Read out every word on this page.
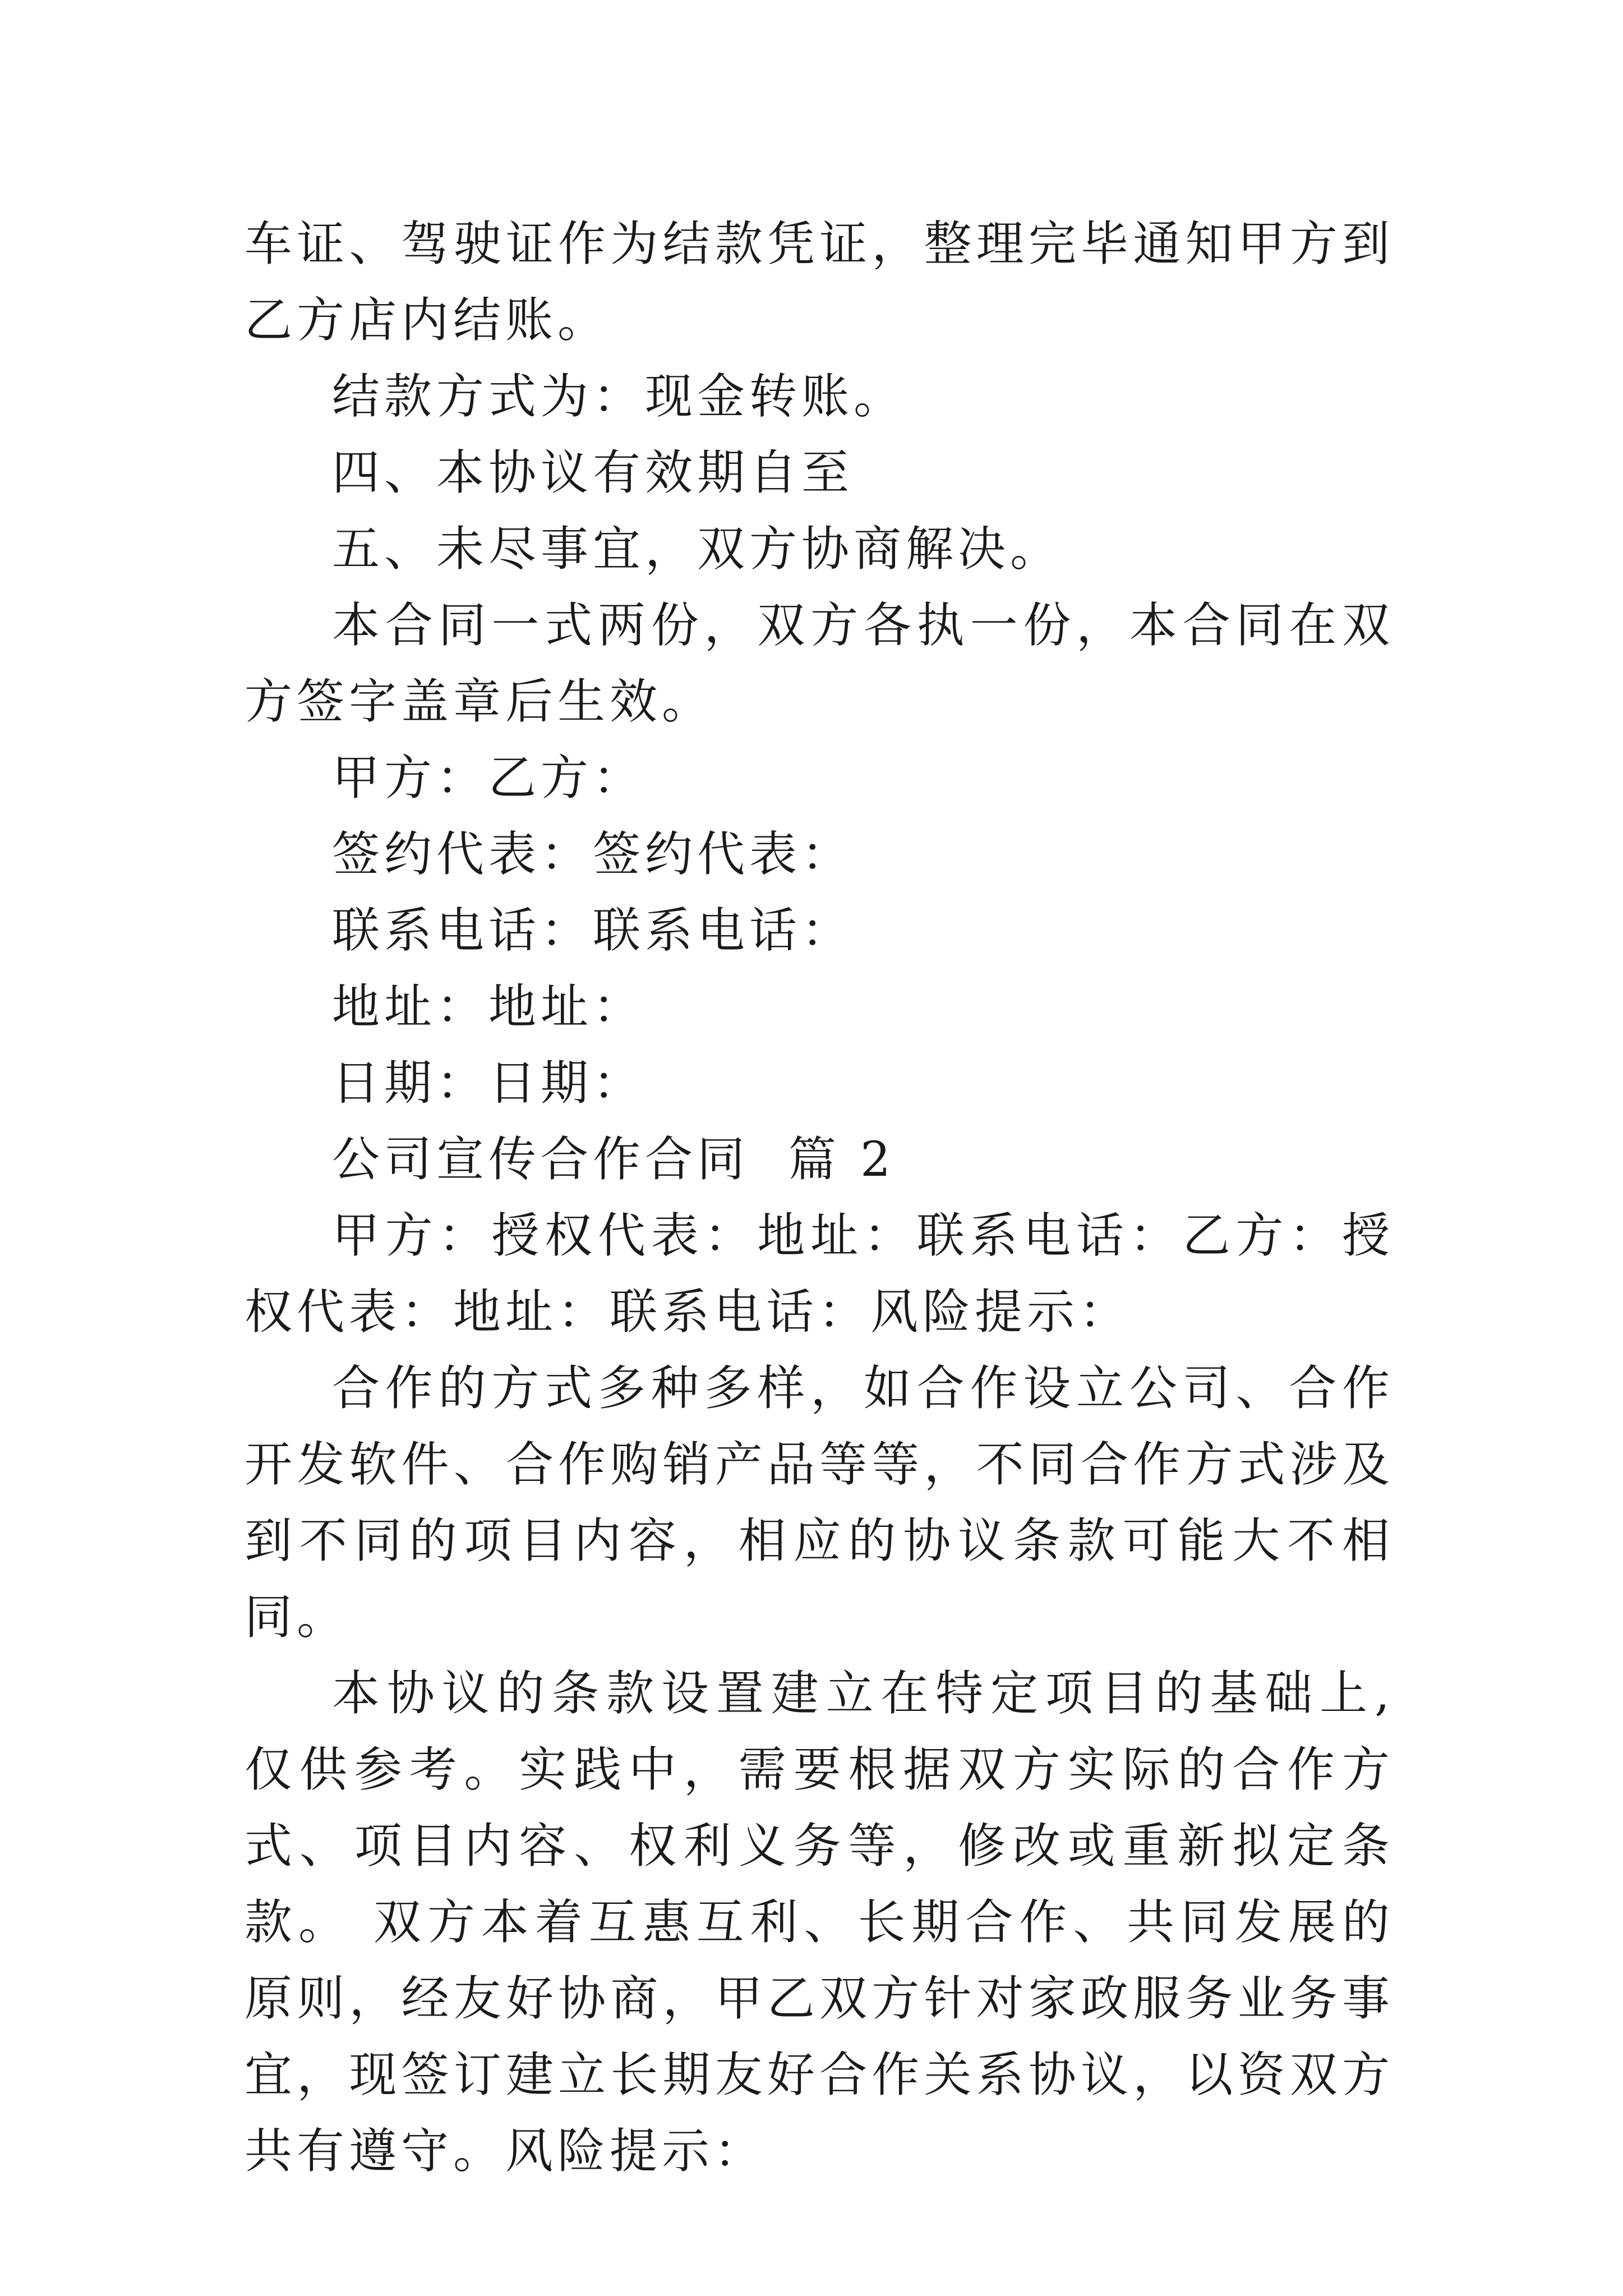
车证、驾驶证作为结款凭证，整理完毕通知甲方到乙方店内结账。

结款方式为：现金转账。

四、本协议有效期自至

五、未尽事宜，双方协商解决。

本合同一式两份，双方各执一份，本合同在双方签字盖章后生效。

甲方：乙方：

签约代表：签约代表：

联系电话：联系电话：

地址：地址：

日期：日期：

公司宣传合作合同  篇 2

甲方：授权代表：地址：联系电话：乙方：授权代表：地址：联系电话：风险提示：

合作的方式多种多样，如合作设立公司、合作开发软件、合作购销产品等等，不同合作方式涉及到不同的项目内容，相应的协议条款可能大不相同。

本协议的条款设置建立在特定项目的基础上,仅供参考。实践中，需要根据双方实际的合作方式、项目内容、权利义务等，修改或重新拟定条款。 双方本着互惠互利、长期合作、共同发展的原则，经友好协商，甲乙双方针对家政服务业务事宜，现签订建立长期友好合作关系协议，以资双方共有遵守。风险提示：
